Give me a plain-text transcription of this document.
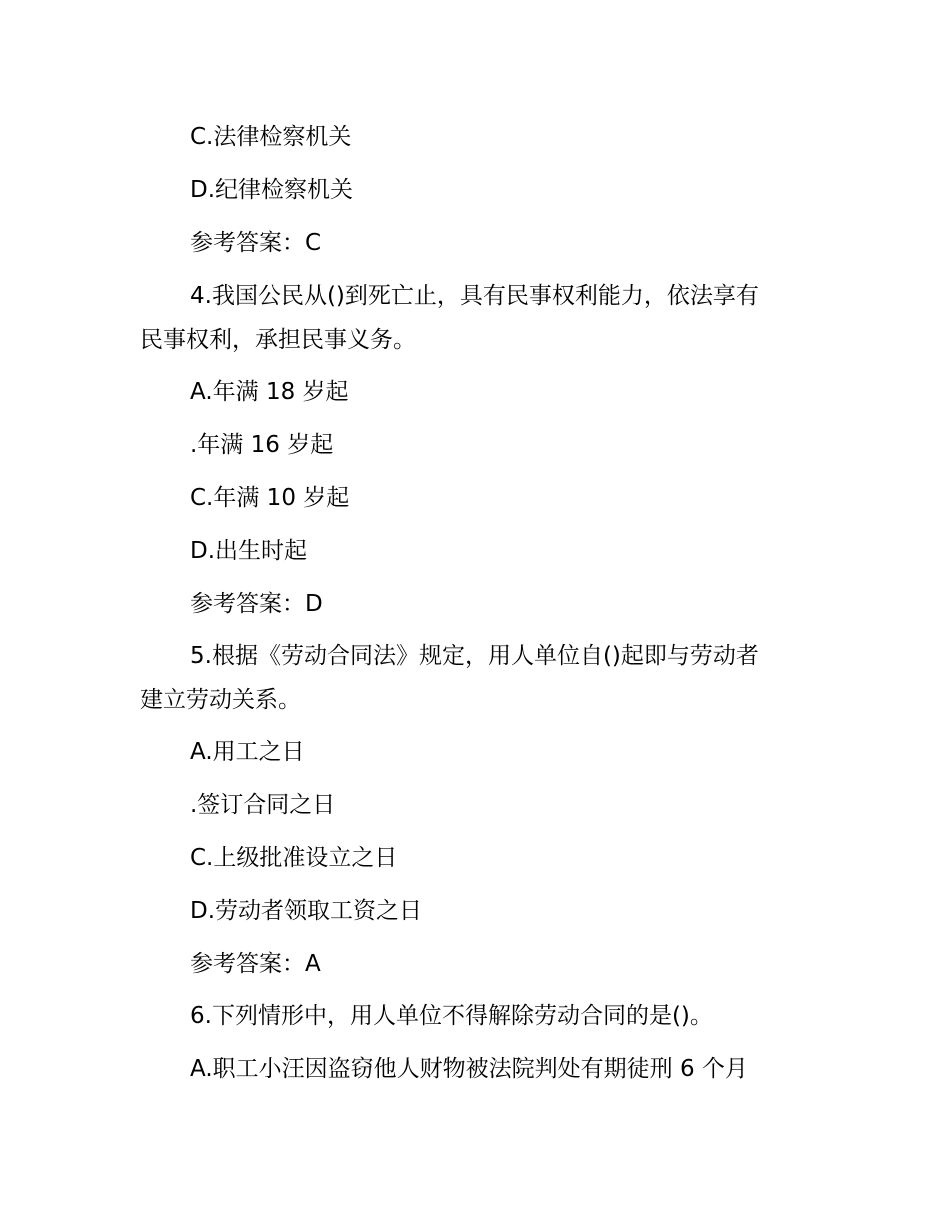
C.法律检察机关
D.纪律检察机关
参考答案：C
4.我国公民从()到死亡止，具有民事权利能力，依法享有
民事权利，承担民事义务。
A.年满 18 岁起
.年满 16 岁起
C.年满 10 岁起
D.出生时起
参考答案：D
5.根据《劳动合同法》规定，用人单位自()起即与劳动者
建立劳动关系。
A.用工之日
.签订合同之日
C.上级批准设立之日
D.劳动者领取工资之日
参考答案：A
6.下列情形中，用人单位不得解除劳动合同的是()。
A.职工小汪因盗窃他人财物被法院判处有期徒刑 6 个月
